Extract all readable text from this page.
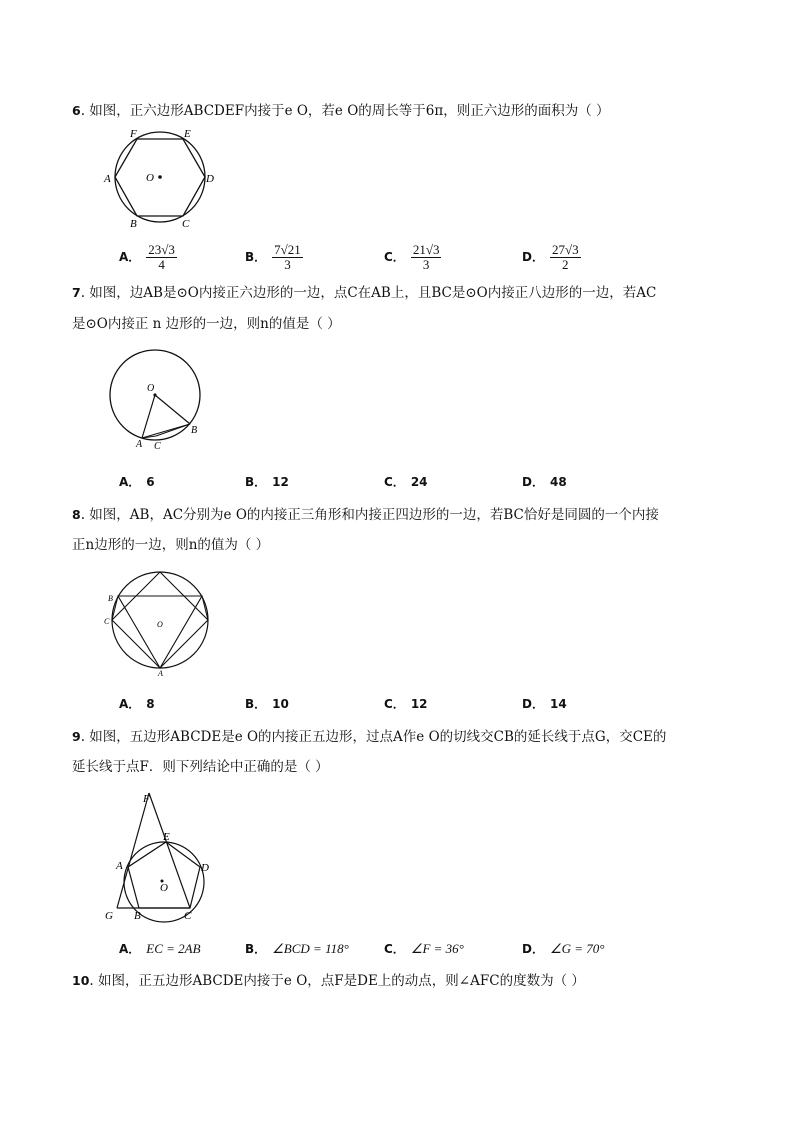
6. 如图，正六边形ABCDEF内接于e O，若e O的周长等于6π，则正六边形的面积为（ ）
F	E
A	D
O
B	C
A． $\frac{23√3}{4}$	B． $\frac{7√21}{3}$	C． $\frac{21√3}{3}$	D． $\frac{27√3}{2}$
7. 如图，边AB是⊙O内接正六边形的一边，点C在AB上，且BC是⊙O内接正八边形的一边，若AC
是⊙O内接正 n 边形的一边，则n的值是（ ）
O
A C
B
A． 6	B． 12	C． 24	D． 48
8. 如图，AB，AC分别为e O的内接正三角形和内接正四边形的一边，若BC恰好是同圆的一个内接
正n边形的一边，则n的值为（ ）
B
C	O
A
A． 8	B． 10	C． 12	D． 14
9. 如图，五边形ABCDE是e O的内接正五边形，过点A作e O的切线交CB的延长线于点G，交CE的
延长线于点F．则下列结论中正确的是（ ）
F
E
A	D
O
G B	C
A． EC = 2AB	B． ∠BCD = 118°	C． ∠F = 36°	D． ∠G = 70°
10. 如图，正五边形ABCDE内接于e O，点F是DE上的动点，则∠AFC的度数为（ ）
